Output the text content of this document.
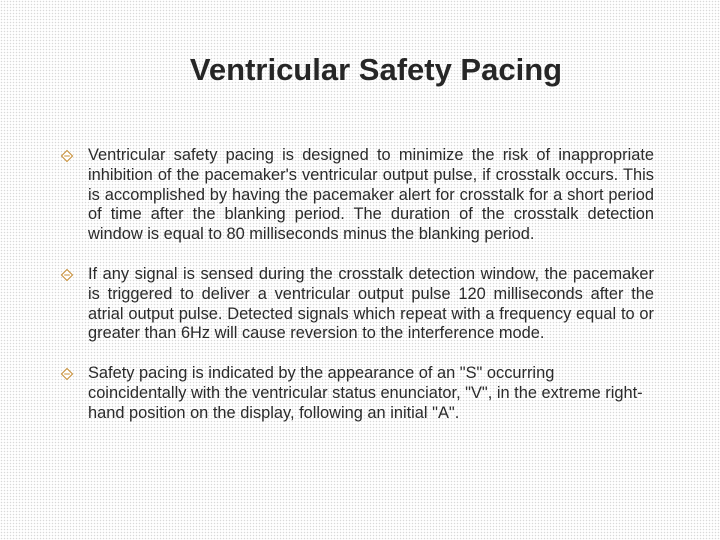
Ventricular Safety Pacing
Ventricular safety pacing is designed to minimize the risk of inappropriate inhibition of the pacemaker's ventricular output pulse, if crosstalk occurs. This is accomplished by having the pacemaker alert for crosstalk for a short period of time after the blanking period. The duration of the crosstalk detection window is equal to 80 milliseconds minus the blanking period.
If any signal is sensed during the crosstalk detection window, the pacemaker is triggered to deliver a ventricular output pulse 120 milliseconds after the atrial output pulse. Detected signals which repeat with a frequency equal to or greater than 6Hz will cause reversion to the interference mode.
Safety pacing is indicated by the appearance of an "S" occurring coincidentally with the ventricular status enunciator, "V", in the extreme right-hand position on the display, following an initial "A".
